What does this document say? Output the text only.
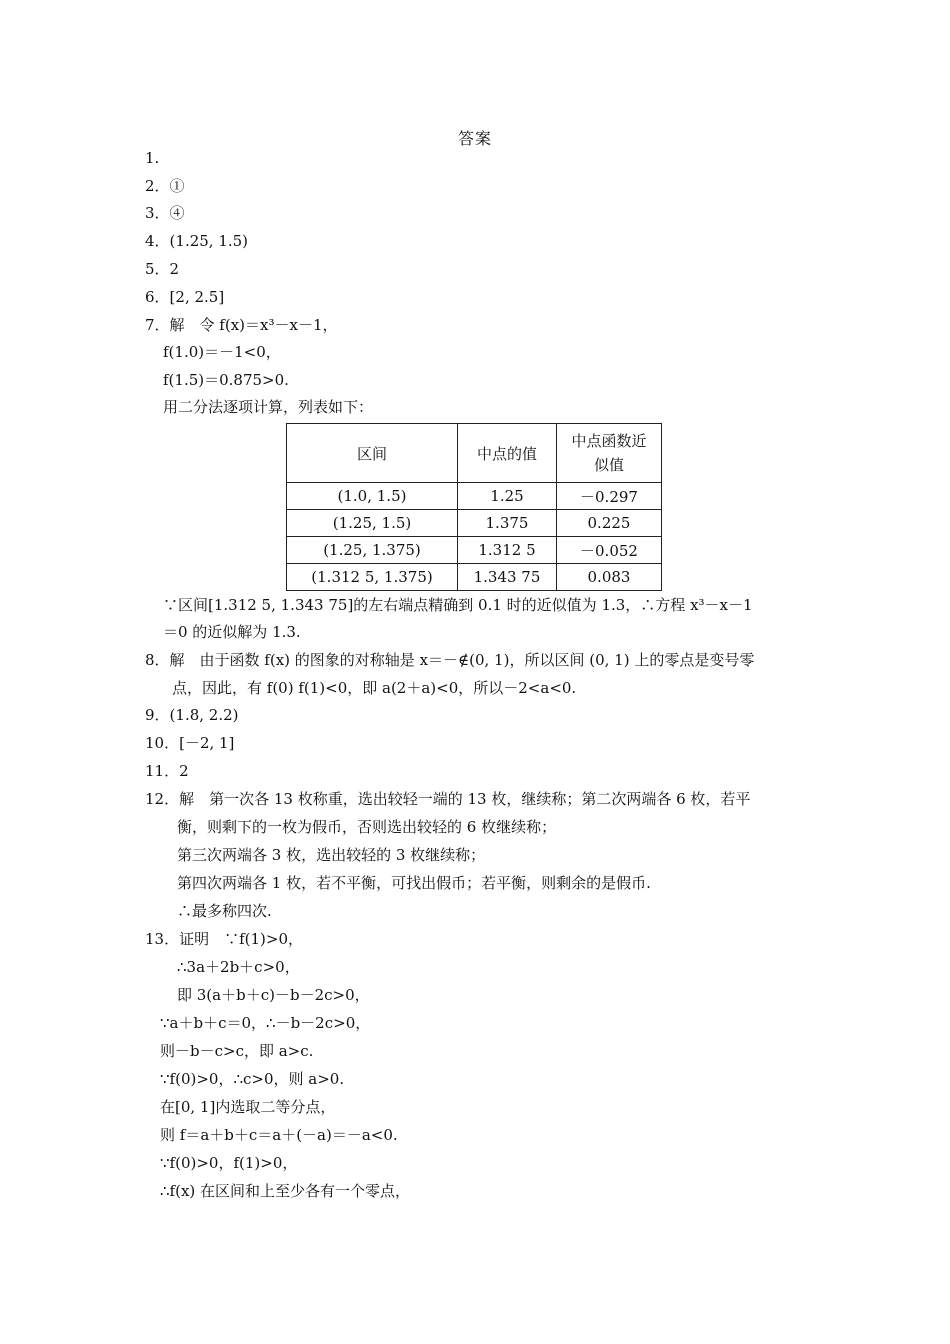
答案
1.
2．①
3．④
4．(1.25, 1.5)
5．2
6．[2, 2.5]
7．解　令 f(x)＝x³－x－1，
f(1.0)＝－1<0，
f(1.5)＝0.875>0.
用二分法逐项计算，列表如下：
区间	中点的值	中点函数近
似值

(1.0, 1.5)	1.25	－0.297
(1.25, 1.5)	1.375	0.225
(1.25, 1.375)	1.312 5	－0.052
(1.312 5, 1.375)	1.343 75	0.083
∵区间[1.312 5, 1.343 75]的左右端点精确到 0.1 时的近似值为 1.3，∴方程 x³－x－1
＝0 的近似解为 1.3.
8．解　由于函数 f(x) 的图象的对称轴是 x＝－∉(0, 1)，所以区间 (0, 1) 上的零点是变号零
点，因此，有 f(0) f(1)<0，即 a(2＋a)<0，所以－2<a<0.
9．(1.8, 2.2)
10．[－2, 1]
11．2
12．解　第一次各 13 枚称重，选出较轻一端的 13 枚，继续称；第二次两端各 6 枚，若平
衡，则剩下的一枚为假币，否则选出较轻的 6 枚继续称；
第三次两端各 3 枚，选出较轻的 3 枚继续称；
第四次两端各 1 枚，若不平衡，可找出假币；若平衡，则剩余的是假币.
∴最多称四次.
13．证明　∵f(1)>0，
∴3a＋2b＋c>0，
即 3(a＋b＋c)－b－2c>0，
∵a＋b＋c＝0，∴－b－2c>0，
则－b－c>c，即 a>c.
∵f(0)>0，∴c>0，则 a>0.
在[0, 1]内选取二等分点，
则 f＝a＋b＋c＝a＋(－a)＝－a<0.
∵f(0)>0，f(1)>0，
∴f(x) 在区间和上至少各有一个零点，
